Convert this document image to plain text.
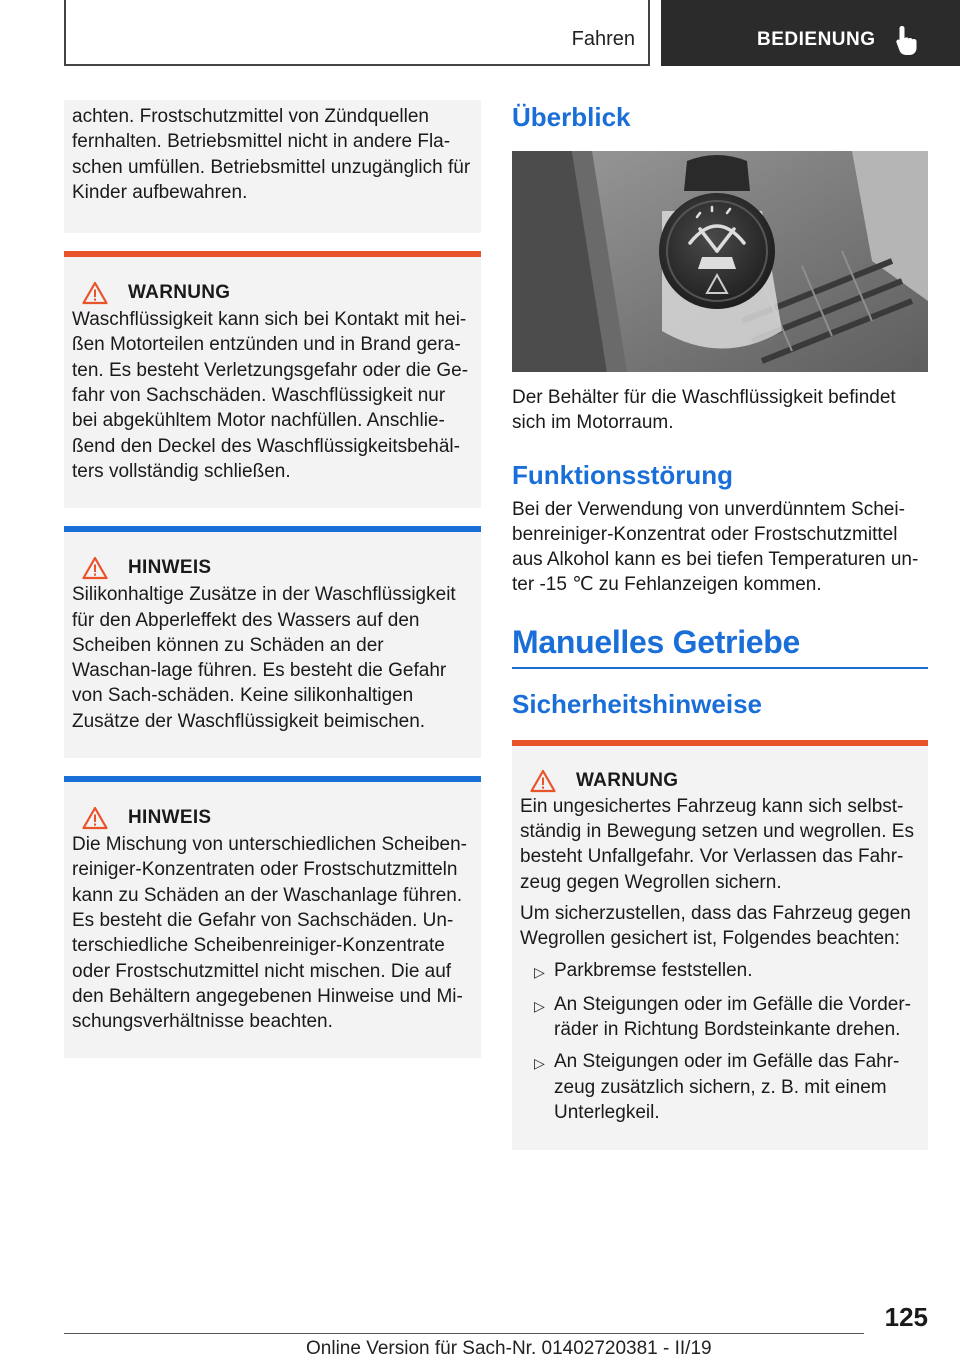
Fahren	BEDIENUNG

achten. Frostschutzmittel von Zündquellen fernhalten. Betriebsmittel nicht in andere Fla-schen umfüllen. Betriebsmittel unzugänglich für Kinder aufbewahren.

WARNUNG

Waschflüssigkeit kann sich bei Kontakt mit hei-ßen Motorteilen entzünden und in Brand gera-ten. Es besteht Verletzungsgefahr oder die Ge-fahr von Sachschäden. Waschflüssigkeit nur bei abgekühltem Motor nachfüllen. Anschlie-ßend den Deckel des Waschflüssigkeitsbehäl-ters vollständig schließen.

HINWEIS

Silikonhaltige Zusätze in der Waschflüssigkeit für den Abperleffekt des Wassers auf den Scheiben können zu Schäden an der Waschan-lage führen. Es besteht die Gefahr von Sach-schäden. Keine silikonhaltigen Zusätze der Waschflüssigkeit beimischen.

HINWEIS

Die Mischung von unterschiedlichen Scheiben-reiniger-Konzentraten oder Frostschutzmitteln kann zu Schäden an der Waschanlage führen. Es besteht die Gefahr von Sachschäden. Un-terschiedliche Scheibenreiniger-Konzentrate oder Frostschutzmittel nicht mischen. Die auf den Behältern angegebenen Hinweise und Mi-schungsverhältnisse beachten.

Überblick

Der Behälter für die Waschflüssigkeit befindet sich im Motorraum.

Funktionsstörung

Bei der Verwendung von unverdünntem Schei-benreiniger-Konzentrat oder Frostschutzmittel aus Alkohol kann es bei tiefen Temperaturen un-ter -15 ℃ zu Fehlanzeigen kommen.

Manuelles Getriebe
Sicherheitshinweise
WARNUNG

Ein ungesichertes Fahrzeug kann sich selbst-ständig in Bewegung setzen und wegrollen. Es besteht Unfallgefahr. Vor Verlassen das Fahr-zeug gegen Wegrollen sichern.

Um sicherzustellen, dass das Fahrzeug gegen Wegrollen gesichert ist, Folgendes beachten:

▷ Parkbremse feststellen.
▷ An Steigungen oder im Gefälle die Vorder-räder in Richtung Bordsteinkante drehen.
▷ An Steigungen oder im Gefälle das Fahr-zeug zusätzlich sichern, z. B. mit einem Unterlegkeil.
125
Online Version für Sach-Nr. 01402720381 - II/19
